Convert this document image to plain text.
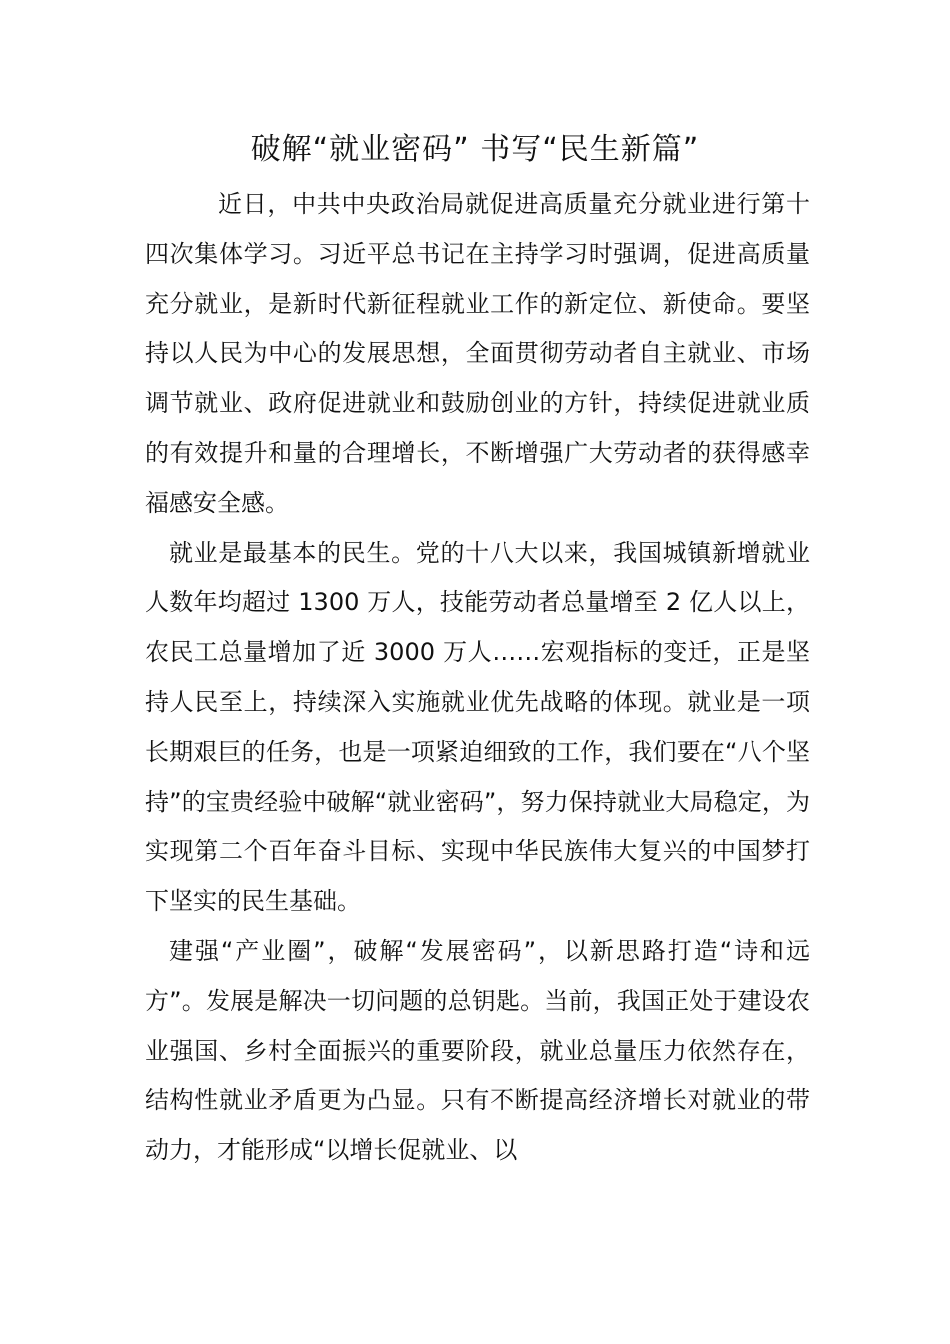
破解“就业密码” 书写“民生新篇”

近日，中共中央政治局就促进高质量充分就业进行第十四次集体学习。习近平总书记在主持学习时强调，促进高质量充分就业，是新时代新征程就业工作的新定位、新使命。要坚持以人民为中心的发展思想，全面贯彻劳动者自主就业、市场调节就业、政府促进就业和鼓励创业的方针，持续促进就业质的有效提升和量的合理增长，不断增强广大劳动者的获得感幸福感安全感。

就业是最基本的民生。党的十八大以来，我国城镇新增就业人数年均超过 1300 万人，技能劳动者总量增至 2 亿人以上，农民工总量增加了近 3000 万人……宏观指标的变迁，正是坚持人民至上，持续深入实施就业优先战略的体现。就业是一项长期艰巨的任务，也是一项紧迫细致的工作，我们要在“八个坚持”的宝贵经验中破解“就业密码”，努力保持就业大局稳定，为实现第二个百年奋斗目标、实现中华民族伟大复兴的中国梦打下坚实的民生基础。

建强“产业圈”，破解“发展密码”，以新思路打造“诗和远方”。发展是解决一切问题的总钥匙。当前，我国正处于建设农业强国、乡村全面振兴的重要阶段，就业总量压力依然存在，结构性就业矛盾更为凸显。只有不断提高经济增长对就业的带动力，才能形成“以增长促就业、以
